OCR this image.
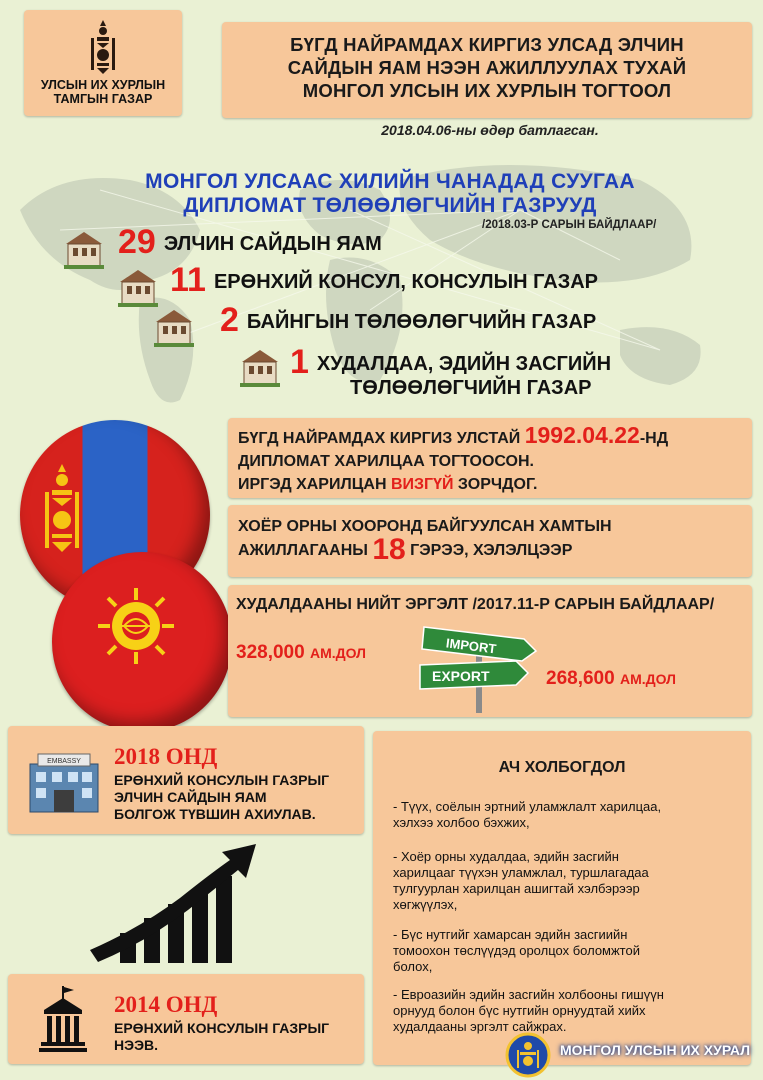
УЛСЫН ИХ ХУРЛЫН
ТАМГЫН ГАЗАР
БҮГД НАЙРАМДАХ КИРГИЗ УЛСАД ЭЛЧИН
САЙДЫН ЯАМ НЭЭН АЖИЛЛУУЛАХ ТУХАЙ
МОНГОЛ УЛСЫН ИХ ХУРЛЫН ТОГТООЛ
2018.04.06-ны өдөр батлагсан.
МОНГОЛ УЛСААС ХИЛИЙН ЧАНАДАД СУУГАА
ДИПЛОМАТ ТӨЛӨӨЛӨГЧИЙН ГАЗРУУД
/2018.03-Р САРЫН БАЙДЛААР/
29 ЭЛЧИН САЙДЫН ЯАМ
11 ЕРӨНХИЙ КОНСУЛ, КОНСУЛЫН ГАЗАР
2 БАЙНГЫН ТӨЛӨӨЛӨГЧИЙН ГАЗАР
1 ХУДАЛДАА, ЭДИЙН ЗАСГИЙН
ТӨЛӨӨЛӨГЧИЙН ГАЗАР
БҮГД НАЙРАМДАХ КИРГИЗ УЛСТАЙ 1992.04.22-НД
ДИПЛОМАТ ХАРИЛЦАА ТОГТООСОН.
ИРГЭД ХАРИЛЦАН ВИЗГҮЙ ЗОРЧДОГ.
ХОЁР ОРНЫ ХООРОНД БАЙГУУЛСАН ХАМТЫН
АЖИЛЛАГААНЫ 18 ГЭРЭЭ, ХЭЛЭЛЦЭЭР
ХУДАЛДААНЫ НИЙТ ЭРГЭЛТ /2017.11-Р САРЫН БАЙДЛААР/
328,000 АМ.ДОЛ
268,600 АМ.ДОЛ
IMPORT
EXPORT
EMBASSY 2018 ОНД
ЕРӨНХИЙ КОНСУЛЫН ГАЗРЫГ
ЭЛЧИН САЙДЫН ЯАМ
БОЛГОЖ ТҮВШИН АХИУЛАВ.
2014 ОНД
ЕРӨНХИЙ КОНСУЛЫН ГАЗРЫГ
НЭЭВ.
АЧ ХОЛБОГДОЛ
- Түүх, соёлын эртний уламжлалт харилцаа,
хэлхээ холбоо бэхжих,
- Хоёр орны худалдаа, эдийн засгийн
харилцааг түүхэн уламжлал, туршлагадаа
тулгуурлан харилцан ашигтай хэлбэрээр
хөгжүүлэх,
- Бүс нутгийг хамарсан эдийн засгиийн
томоохон төслүүдэд оролцох боломжтой
болох,
- Евроазийн эдийн засгийн холбооны гишүүн
орнууд болон бүс нутгийн орнуудтай хийх
худалдааны эргэлт сайжрах.
МОНГОЛ УЛСЫН ИХ ХУРАЛ
